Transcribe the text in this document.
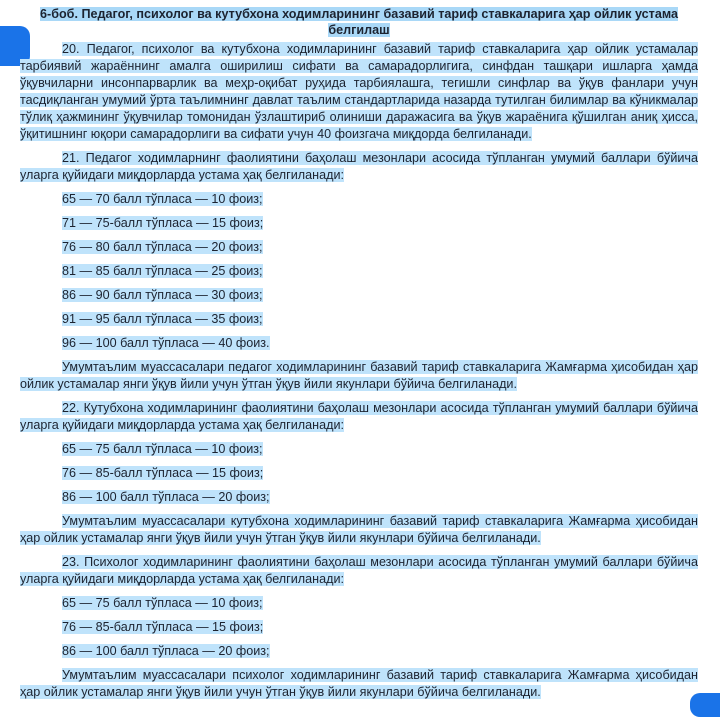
6-боб. Педагог, психолог ва кутубхона ходимларининг базавий тариф ставкаларига ҳар ойлик устама белгилаш

20. Педагог, психолог ва кутубхона ходимларининг базавий тариф ставкаларига ҳар ойлик устамалар тарбиявий жараённинг амалга оширилиш сифати ва самарадорлигига, синфдан ташқари ишларга ҳамда ўқувчиларни инсонпарварлик ва меҳр-оқибат руҳида тарбиялашга, тегишли синфлар ва ўқув фанлари учун тасдиқланган умумий ўрта таълимнинг давлат таълим стандартларида назарда тутилган билимлар ва кўникмалар тўлиқ ҳажмининг ўқувчилар томонидан ўзлаштириб олиниши даражасига ва ўқув жараёнига қўшилган аниқ ҳисса, ўқитишнинг юқори самарадорлиги ва сифати учун 40 фоизгача миқдорда белгиланади.

21. Педагог ходимларнинг фаолиятини баҳолаш мезонлари асосида тўпланган умумий баллари бўйича уларга қуйидаги миқдорларда устама ҳақ белгиланади:

65 — 70 балл тўпласа — 10 фоиз;

71 — 75-балл тўпласа — 15 фоиз;

76 — 80 балл тўпласа — 20 фоиз;

81 — 85 балл тўпласа — 25 фоиз;

86 — 90 балл тўпласа — 30 фоиз;

91 — 95 балл тўпласа — 35 фоиз;

96 — 100 балл тўпласа — 40 фоиз.

Умумтаълим муассасалари педагог ходимларининг базавий тариф ставкаларига Жамғарма ҳисобидан ҳар ойлик устамалар янги ўқув йили учун ўтган ўқув йили якунлари бўйича белгиланади.

22. Кутубхона ходимларининг фаолиятини баҳолаш мезонлари асосида тўпланган умумий баллари бўйича уларга қуйидаги миқдорларда устама ҳақ белгиланади:

65 — 75 балл тўпласа — 10 фоиз;

76 — 85-балл тўпласа — 15 фоиз;

86 — 100 балл тўпласа — 20 фоиз;

Умумтаълим муассасалари кутубхона ходимларининг базавий тариф ставкаларига Жамғарма ҳисобидан ҳар ойлик устамалар янги ўқув йили учун ўтган ўқув йили якунлари бўйича белгиланади.

23. Психолог ходимларининг фаолиятини баҳолаш мезонлари асосида тўпланган умумий баллари бўйича уларга қуйидаги миқдорларда устама ҳақ белгиланади:

65 — 75 балл тўпласа — 10 фоиз;

76 — 85-балл тўпласа — 15 фоиз;

86 — 100 балл тўпласа — 20 фоиз;

Умумтаълим муассасалари психолог ходимларининг базавий тариф ставкаларига Жамғарма ҳисобидан ҳар ойлик устамалар янги ўқув йили учун ўтган ўқув йили якунлари бўйича белгиланади.
